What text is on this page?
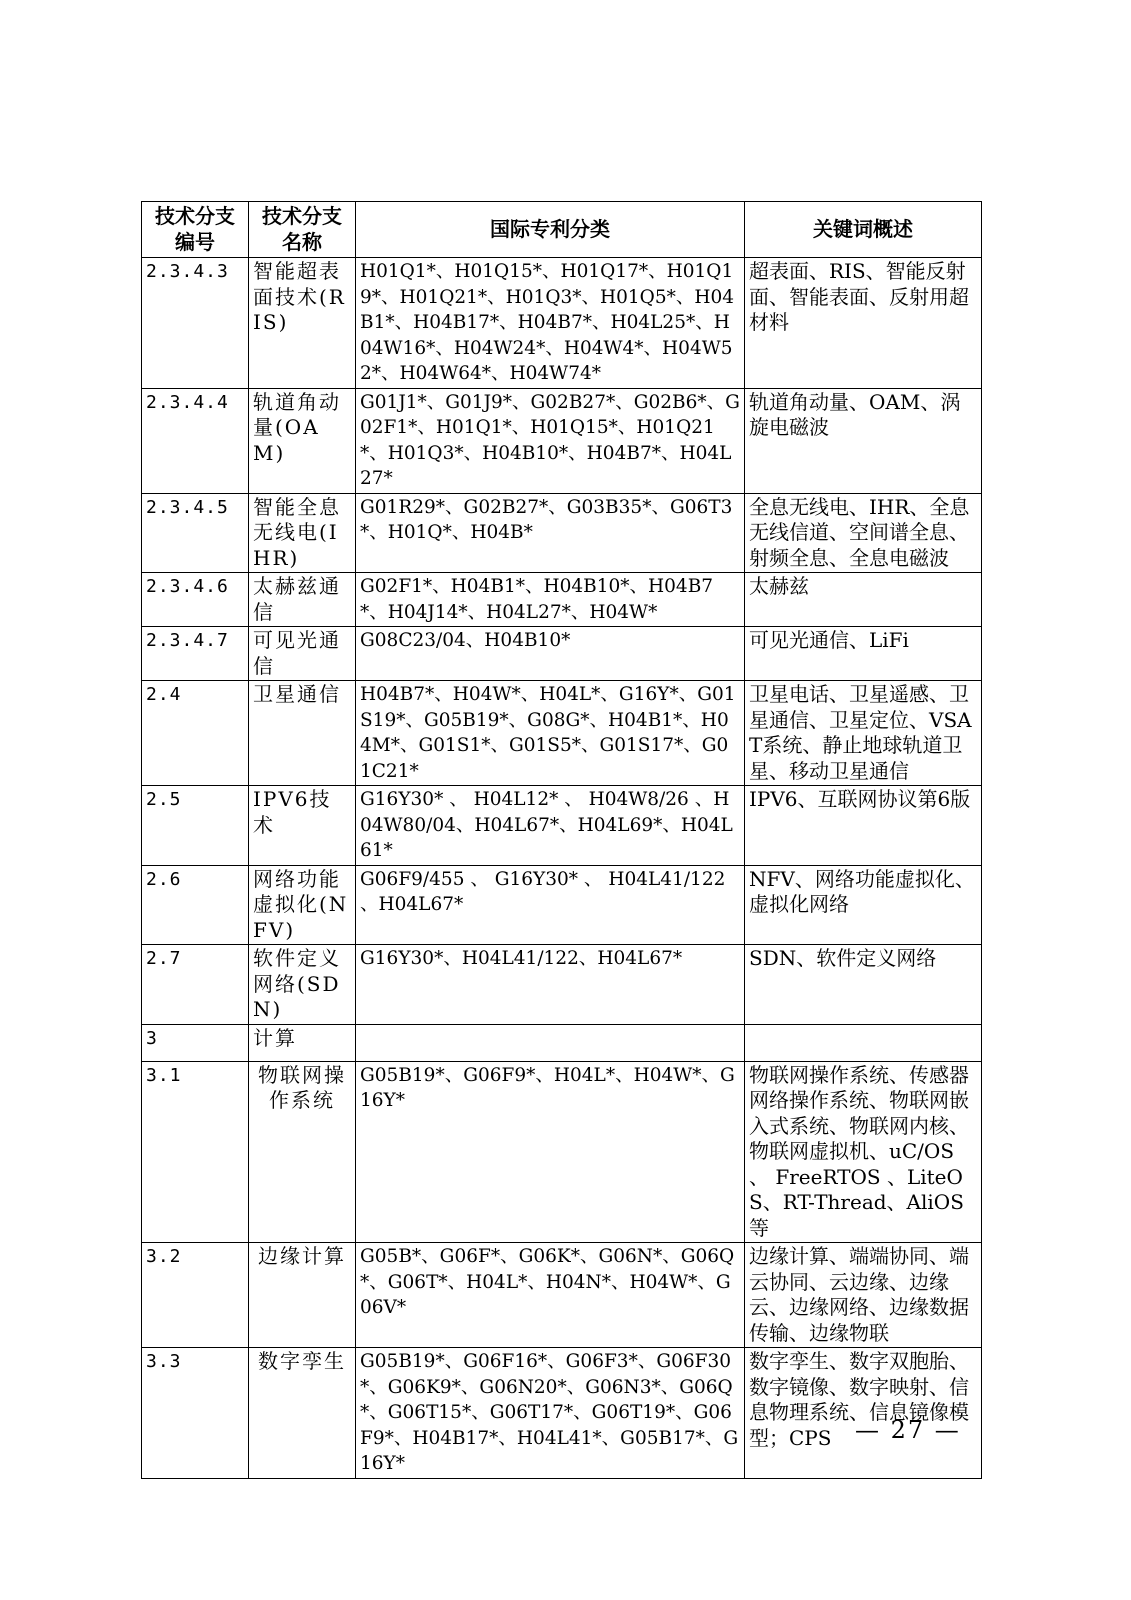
技术分支编号	技术分支名称	国际专利分类	关键词概述
2.3.4.3	智能超表面技术(RIS)	H01Q1*、H01Q15*、H01Q17*、H01Q19*、H01Q21*、H01Q3*、H01Q5*、H04B1*、H04B17*、H04B7*、H04L25*、H04W16*、H04W24*、H04W4*、H04W52*、H04W64*、H04W74*	超表面、RIS、智能反射面、智能表面、反射用超材料
2.3.4.4	轨道角动量(OAM)	G01J1*、G01J9*、G02B27*、G02B6*、G02F1*、H01Q1*、H01Q15*、H01Q21*、H01Q3*、H04B10*、H04B7*、H04L27*	轨道角动量、OAM、涡旋电磁波
2.3.4.5	智能全息无线电(IHR)	G01R29*、G02B27*、G03B35*、G06T3*、H01Q*、H04B*	全息无线电、IHR、全息无线信道、空间谱全息、射频全息、全息电磁波
2.3.4.6	太赫兹通信	G02F1*、H04B1*、H04B10*、H04B7*、H04J14*、H04L27*、H04W*	太赫兹
2.3.4.7	可见光通信	G08C23/04、H04B10*	可见光通信、LiFi
2.4	卫星通信	H04B7*、H04W*、H04L*、G16Y*、G01S19*、G05B19*、G08G*、H04B1*、H04M*、G01S1*、G01S5*、G01S17*、G01C21*	卫星电话、卫星遥感、卫星通信、卫星定位、VSAT系统、静止地球轨道卫星、移动卫星通信
2.5	IPV6技术	G16Y30* 、 H04L12* 、 H04W8/26 、H04W80/04、H04L67*、H04L69*、H04L61*	IPV6、互联网协议第6版
2.6	网络功能虚拟化(NFV)	G06F9/455 、 G16Y30* 、 H04L41/122 、H04L67*	NFV、网络功能虚拟化、虚拟化网络
2.7	软件定义网络(SDN)	G16Y30*、H04L41/122、H04L67*	SDN、软件定义网络
3	计算		
3.1	物联网操作系统	G05B19*、G06F9*、H04L*、H04W*、G16Y*	物联网操作系统、传感器网络操作系统、物联网嵌入式系统、物联网内核、物联网虚拟机、uC/OS 、 FreeRTOS 、LiteOS、RT-Thread、AliOS等
3.2	边缘计算	G05B*、G06F*、G06K*、G06N*、G06Q*、G06T*、H04L*、H04N*、H04W*、G06V*	边缘计算、端端协同、端云协同、云边缘、边缘云、边缘网络、边缘数据传输、边缘物联
3.3	数字孪生	G05B19*、G06F16*、G06F3*、G06F30*、G06K9*、G06N20*、G06N3*、G06Q*、G06T15*、G06T17*、G06T19*、G06F9*、H04B17*、H04L41*、G05B17*、G16Y*	数字孪生、数字双胞胎、数字镜像、数字映射、信息物理系统、信息镜像模型；CPS — 27 —
